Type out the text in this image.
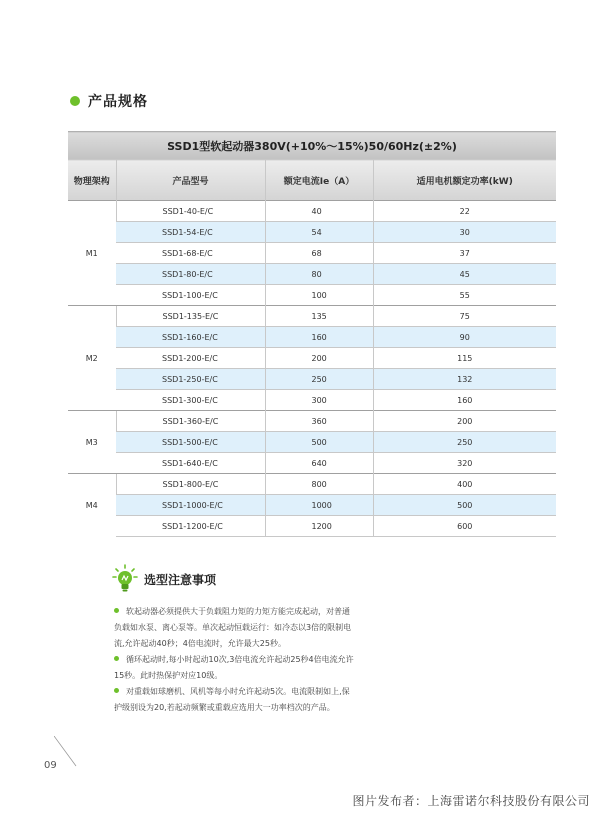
产品规格
SSD1型软起动器380V(+10%～15%)50/60Hz(±2%)			
物理架构	产品型号	额定电流Ie（A）	适用电机额定功率(kW)
M1	SSD1-40-E/C	40	22
	SSD1-54-E/C	54	30
	SSD1-68-E/C	68	37
	SSD1-80-E/C	80	45
	SSD1-100-E/C	100	55
M2	SSD1-135-E/C	135	75
	SSD1-160-E/C	160	90
	SSD1-200-E/C	200	115
	SSD1-250-E/C	250	132
	SSD1-300-E/C	300	160
M3	SSD1-360-E/C	360	200
	SSD1-500-E/C	500	250
	SSD1-640-E/C	640	320
M4	SSD1-800-E/C	800	400
	SSD1-1000-E/C	1000	500
	SSD1-1200-E/C	1200	600
选型注意事项

软起动器必须提供大于负载阻力矩的力矩方能完成起动，对普通负载如水泵、离心泵等。单次起动恒载运行：如冷态以3倍的限制电流,允许起动40秒；4倍电流时，允许最大25秒。

循环起动时,每小时起动10次,3倍电流允许起动25秒4倍电流允许15秒。此时热保护对应10级。

对重载如球磨机、风机等每小时允许起动5次。电流限制如上,保护级别设为20,若起动频繁或重载应选用大一功率档次的产品。

09
图片发布者：上海雷诺尔科技股份有限公司
